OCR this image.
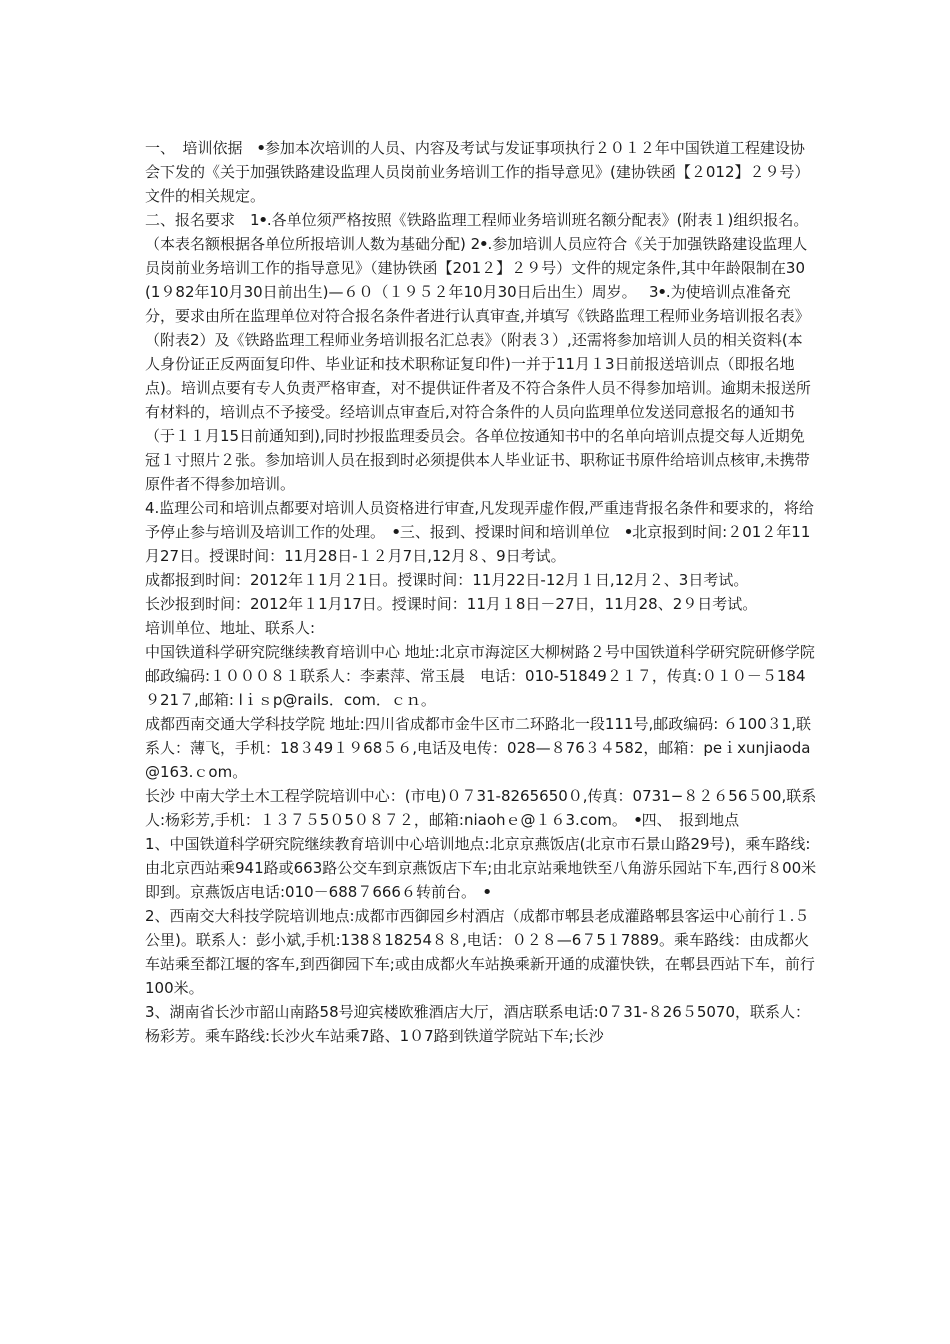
一、　培训依据　ꔷ参加本次培训的人员、内容及考试与发证事项执行２０１２年中国铁道工程建设协会下发的《关于加强铁路建设监理人员岗前业务培训工作的指导意见》(建协铁函【２012】２９号）文件的相关规定。

二、报名要求　1ꔷ.各单位须严格按照《铁路监理工程师业务培训班名额分配表》(附表１)组织报名。（本表名额根据各单位所报培训人数为基础分配) 2ꔷ.参加培训人员应符合《关于加强铁路建设监理人员岗前业务培训工作的指导意见》（建协铁函【201２】２９号）文件的规定条件,其中年龄限制在30(1９82年10月30日前出生)—６０（１９５２年10月30日后出生）周岁。　 3ꔷ.为使培训点准备充分，要求由所在监理单位对符合报名条件者进行认真审查,并填写《铁路监理工程师业务培训报名表》（附表2）及《铁路监理工程师业务培训报名汇总表》（附表３）,还需将参加培训人员的相关资料(本人身份证正反两面复印件、毕业证和技术职称证复印件)一并于11月１3日前报送培训点（即报名地点)。培训点要有专人负责严格审查，对不提供证件者及不符合条件人员不得参加培训。逾期未报送所有材料的，培训点不予接受。经培训点审查后,对符合条件的人员向监理单位发送同意报名的通知书（于１１月15日前通知到),同时抄报监理委员会。各单位按通知书中的名单向培训点提交每人近期免冠１寸照片２张。参加培训人员在报到时必须提供本人毕业证书、职称证书原件给培训点核审,未携带原件者不得参加培训。

4.监理公司和培训点都要对培训人员资格进行审查,凡发现弄虚作假,严重违背报名条件和要求的，将给予停止参与培训及培训工作的处理。　ꔷ三、报到、授课时间和培训单位　ꔷ北京报到时间:２01２年11月27日。授课时间：11月28日-１２月7日,12月８、9日考试。

成都报到时间：2012年１1月２1日。授课时间：11月22日-12月１日,12月２、3日考试。

长沙报到时间：2012年１1月17日。授课时间：11月１8日－27日，11月28、2９日考试。

培训单位、地址、联系人:

中国铁道科学研究院继续教育培训中心 地址:北京市海淀区大柳树路２号中国铁道科学研究院研修学院 邮政编码:１０００８１联系人：李素萍、常玉晨　电话：010-51849２１７，传真:０１０－５184９21７,邮箱: lｉｓp@rails．com．ｃｎ。

成都西南交通大学科技学院 地址:四川省成都市金牛区市二环路北一段111号,邮政编码: ６100３1,联系人：薄飞，手机：18３49１９68５６,电话及电传：028—８76３４582，邮箱：peｉxunjiaoda@163.ｃom。

长沙 中南大学土木工程学院培训中心：(市电)０７31-8265650０,传真：0731−８２６56５00,联系人:杨彩芳,手机：１３７５5０5０８７２，邮箱:niaohｅ@１６3.com。　ꔷ四、　报到地点

1、中国铁道科学研究院继续教育培训中心培训地点:北京京燕饭店(北京市石景山路29号)，乘车路线:由北京西站乘941路或663路公交车到京燕饭店下车;由北京站乘地铁至八角游乐园站下车,西行８00米即到。京燕饭店电话:010－688７666６转前台。　ꔷ

2、西南交大科技学院培训地点:成都市西御园乡村酒店（成都市郫县老成灌路郫县客运中心前行１.５公里)。联系人：彭小斌,手机:138８18254８８,电话：０２８—6７5１7889。乘车路线：由成都火车站乘至都江堰的客车,到西御园下车;或由成都火车站换乘新开通的成灌快铁，在郫县西站下车，前行100米。

3、湖南省长沙市韶山南路58号迎宾楼欧雅酒店大厅，酒店联系电话:0７31-８26５5070，联系人：杨彩芳。乘车路线:长沙火车站乘7路、1０7路到铁道学院站下车;长沙
